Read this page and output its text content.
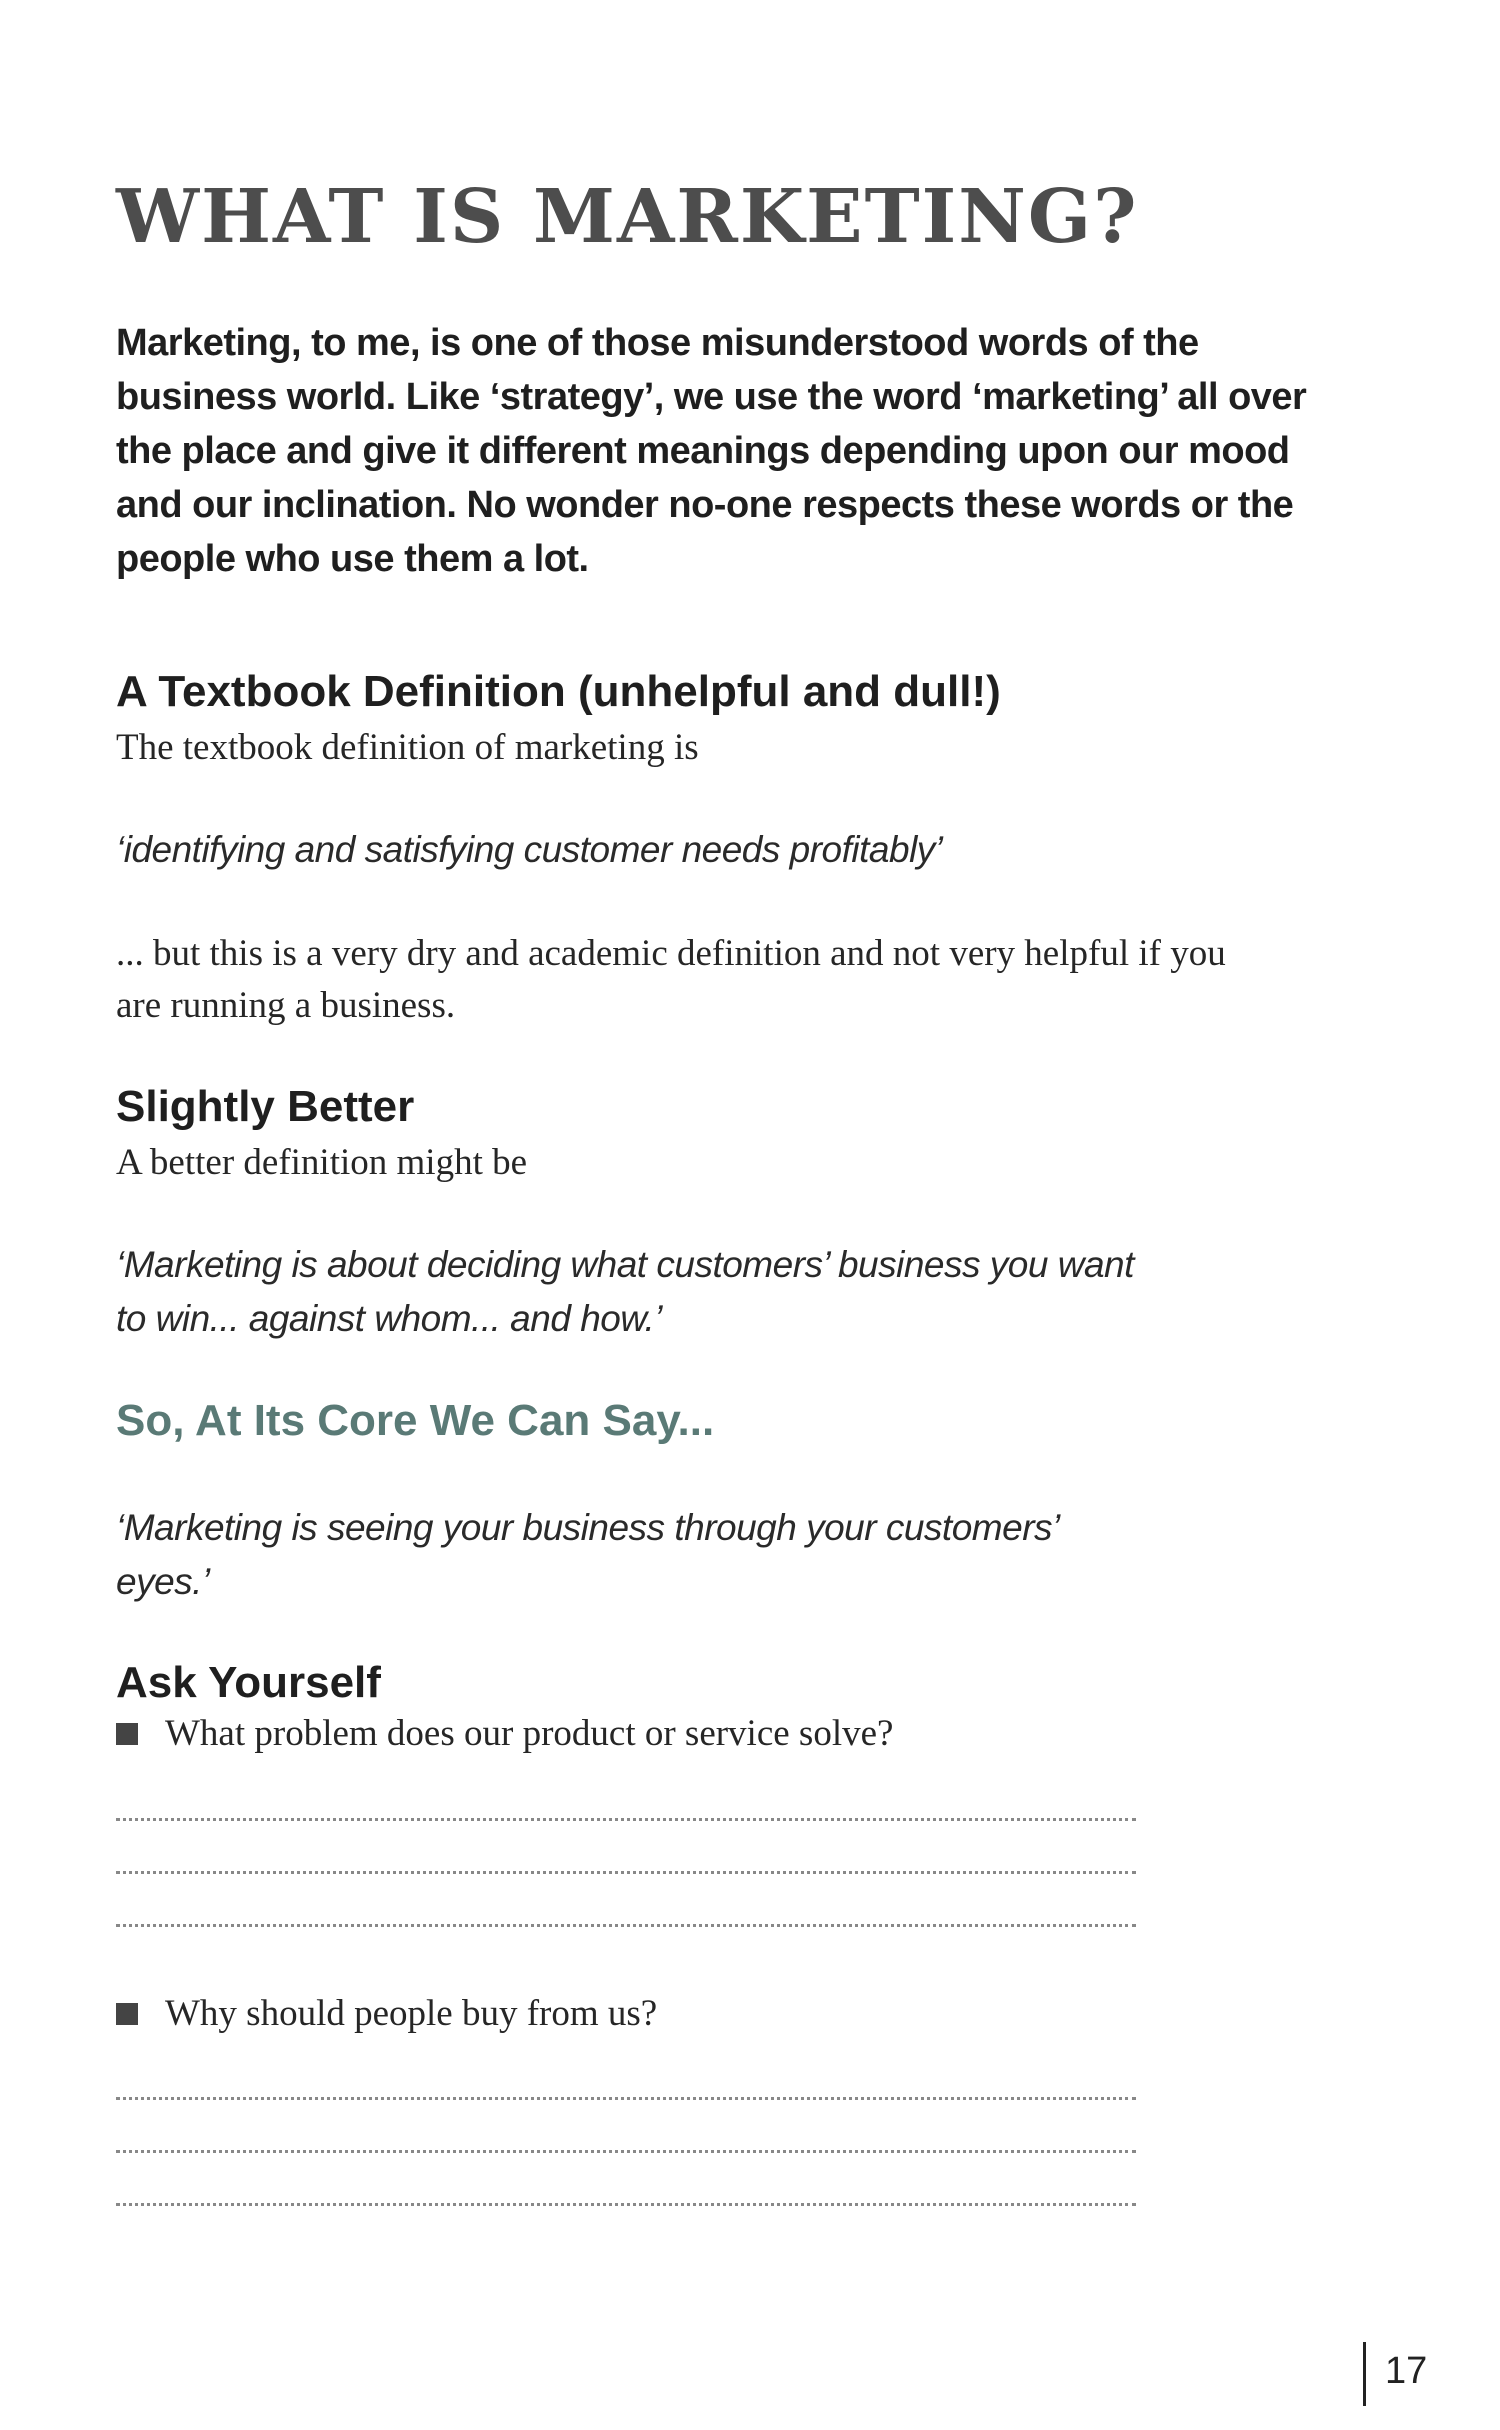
WHAT IS MARKETING?

Marketing, to me, is one of those misunderstood words of the business world. Like ‘strategy’, we use the word ‘marketing’ all over the place and give it different meanings depending upon our mood and our inclination. No wonder no-one respects these words or the people who use them a lot.

A Textbook Definition (unhelpful and dull!)

The textbook definition of marketing is

‘identifying and satisfying customer needs profitably’

... but this is a very dry and academic definition and not very helpful if you are running a business.

Slightly Better

A better definition might be

‘Marketing is about deciding what customers’ business you want to win... against whom... and how.’

So, At Its Core We Can Say...

‘Marketing is seeing your business through your customers’ eyes.’

Ask Yourself
What problem does our product or service solve?
Why should people buy from us?
17
